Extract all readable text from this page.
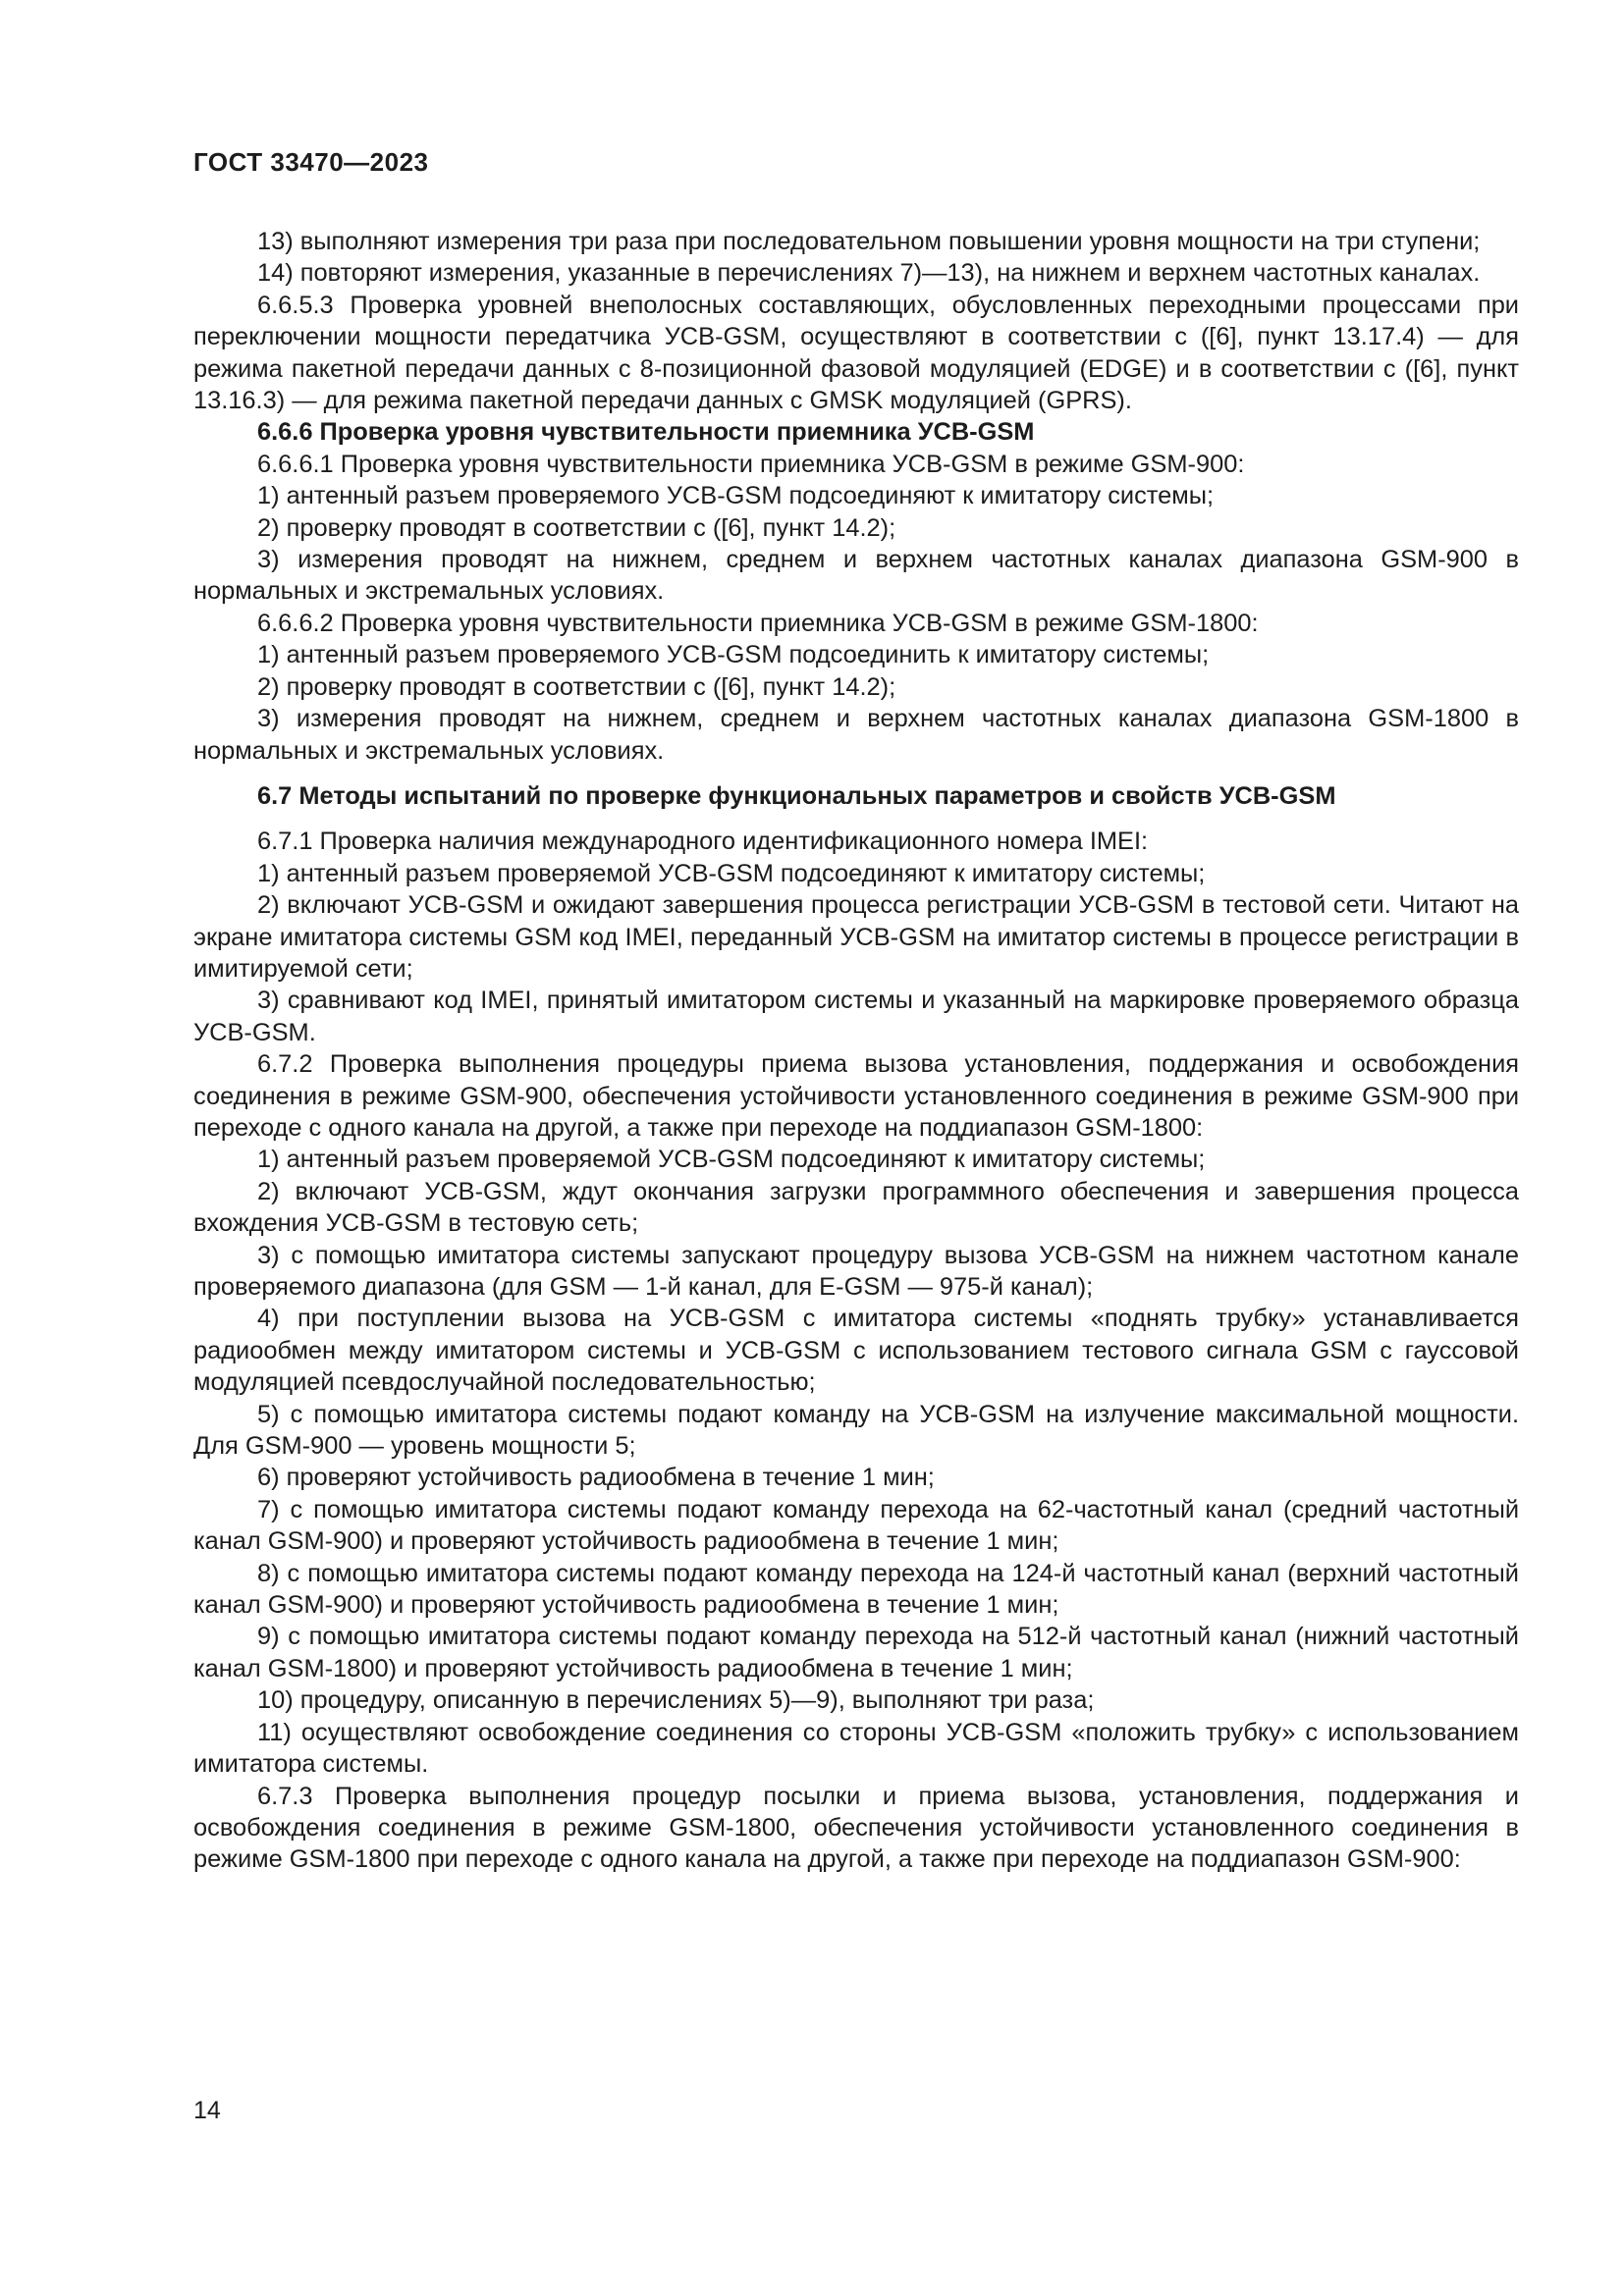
ГОСТ 33470—2023

13) выполняют измерения три раза при последовательном повышении уровня мощности на три ступени;

14) повторяют измерения, указанные в перечислениях 7)—13), на нижнем и верхнем частотных каналах.

6.6.5.3 Проверка уровней внеполосных составляющих, обусловленных переходными процессами при переключении мощности передатчика УСВ-GSM, осуществляют в соответствии с ([6], пункт 13.17.4) — для режима пакетной передачи данных с 8-позиционной фазовой модуляцией (EDGE) и в соответствии с ([6], пункт 13.16.3) — для режима пакетной передачи данных с GMSK модуляцией (GPRS).

6.6.6 Проверка уровня чувствительности приемника УСВ-GSM

6.6.6.1 Проверка уровня чувствительности приемника УСВ-GSM в режиме GSM-900:

1) антенный разъем проверяемого УСВ-GSM подсоединяют к имитатору системы;

2) проверку проводят в соответствии с ([6], пункт 14.2);

3) измерения проводят на нижнем, среднем и верхнем частотных каналах диапазона GSM-900 в нормальных и экстремальных условиях.

6.6.6.2 Проверка уровня чувствительности приемника УСВ-GSM в режиме GSM-1800:

1) антенный разъем проверяемого УСВ-GSM подсоединить к имитатору системы;

2) проверку проводят в соответствии с ([6], пункт 14.2);

3) измерения проводят на нижнем, среднем и верхнем частотных каналах диапазона GSM-1800 в нормальных и экстремальных условиях.

6.7 Методы испытаний по проверке функциональных параметров и свойств УСВ-GSM

6.7.1 Проверка наличия международного идентификационного номера IMEI:

1) антенный разъем проверяемой УСВ-GSM подсоединяют к имитатору системы;

2) включают УСВ-GSM и ожидают завершения процесса регистрации УСВ-GSM в тестовой сети. Читают на экране имитатора системы GSM код IMEI, переданный УСВ-GSM на имитатор системы в процессе регистрации в имитируемой сети;

3) сравнивают код IMEI, принятый имитатором системы и указанный на маркировке проверяемого образца УСВ-GSM.

6.7.2 Проверка выполнения процедуры приема вызова установления, поддержания и освобождения соединения в режиме GSM-900, обеспечения устойчивости установленного соединения в режиме GSM-900 при переходе с одного канала на другой, а также при переходе на поддиапазон GSM-1800:

1) антенный разъем проверяемой УСВ-GSM подсоединяют к имитатору системы;

2) включают УСВ-GSM, ждут окончания загрузки программного обеспечения и завершения процесса вхождения УСВ-GSM в тестовую сеть;

3) с помощью имитатора системы запускают процедуру вызова УСВ-GSM на нижнем частотном канале проверяемого диапазона (для GSM — 1-й канал, для E-GSM — 975-й канал);

4) при поступлении вызова на УСВ-GSM с имитатора системы «поднять трубку» устанавливается радиообмен между имитатором системы и УСВ-GSM с использованием тестового сигнала GSM с гауссовой модуляцией псевдослучайной последовательностью;

5) с помощью имитатора системы подают команду на УСВ-GSM на излучение максимальной мощности. Для GSM-900 — уровень мощности 5;

6) проверяют устойчивость радиообмена в течение 1 мин;

7) с помощью имитатора системы подают команду перехода на 62-частотный канал (средний частотный канал GSM-900) и проверяют устойчивость радиообмена в течение 1 мин;

8) с помощью имитатора системы подают команду перехода на 124-й частотный канал (верхний частотный канал GSM-900) и проверяют устойчивость радиообмена в течение 1 мин;

9) с помощью имитатора системы подают команду перехода на 512-й частотный канал (нижний частотный канал GSM-1800) и проверяют устойчивость радиообмена в течение 1 мин;

10) процедуру, описанную в перечислениях 5)—9), выполняют три раза;

11) осуществляют освобождение соединения со стороны УСВ-GSM «положить трубку» с использованием имитатора системы.

6.7.3 Проверка выполнения процедур посылки и приема вызова, установления, поддержания и освобождения соединения в режиме GSM-1800, обеспечения устойчивости установленного соединения в режиме GSM-1800 при переходе с одного канала на другой, а также при переходе на поддиапазон GSM-900:

14
